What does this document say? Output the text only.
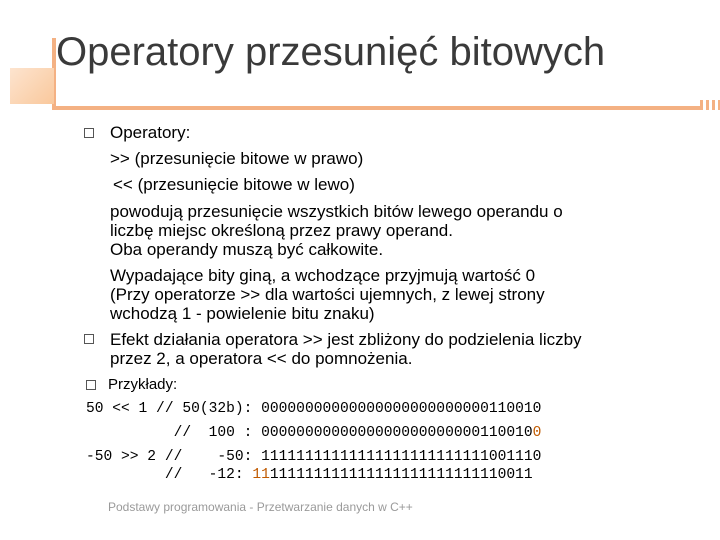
Operatory przesunięć bitowych
Operatory:
>> (przesunięcie bitowe w prawo)
<< (przesunięcie bitowe w lewo)
powodują przesunięcie wszystkich bitów lewego operandu o
liczbę miejsc określoną przez prawy operand.
Oba operandy muszą być całkowite.
Wypadające bity giną, a wchodzące przyjmują wartość 0
(Przy operatorze >> dla wartości ujemnych, z lewej strony
wchodzą 1 - powielenie bitu znaku)
Efekt działania operatora >> jest zbliżony do podzielenia liczby
przez 2, a operatora << do pomnożenia.
Przykłady:
50 << 1 // 50(32b): 00000000000000000000000000110010
//  100 : 00000000000000000000000001100100
-50 >> 2 //    -50: 11111111111111111111111111001110
//   -12: 11111111111111111111111111110011
Podstawy programowania - Przetwarzanie danych w C++
